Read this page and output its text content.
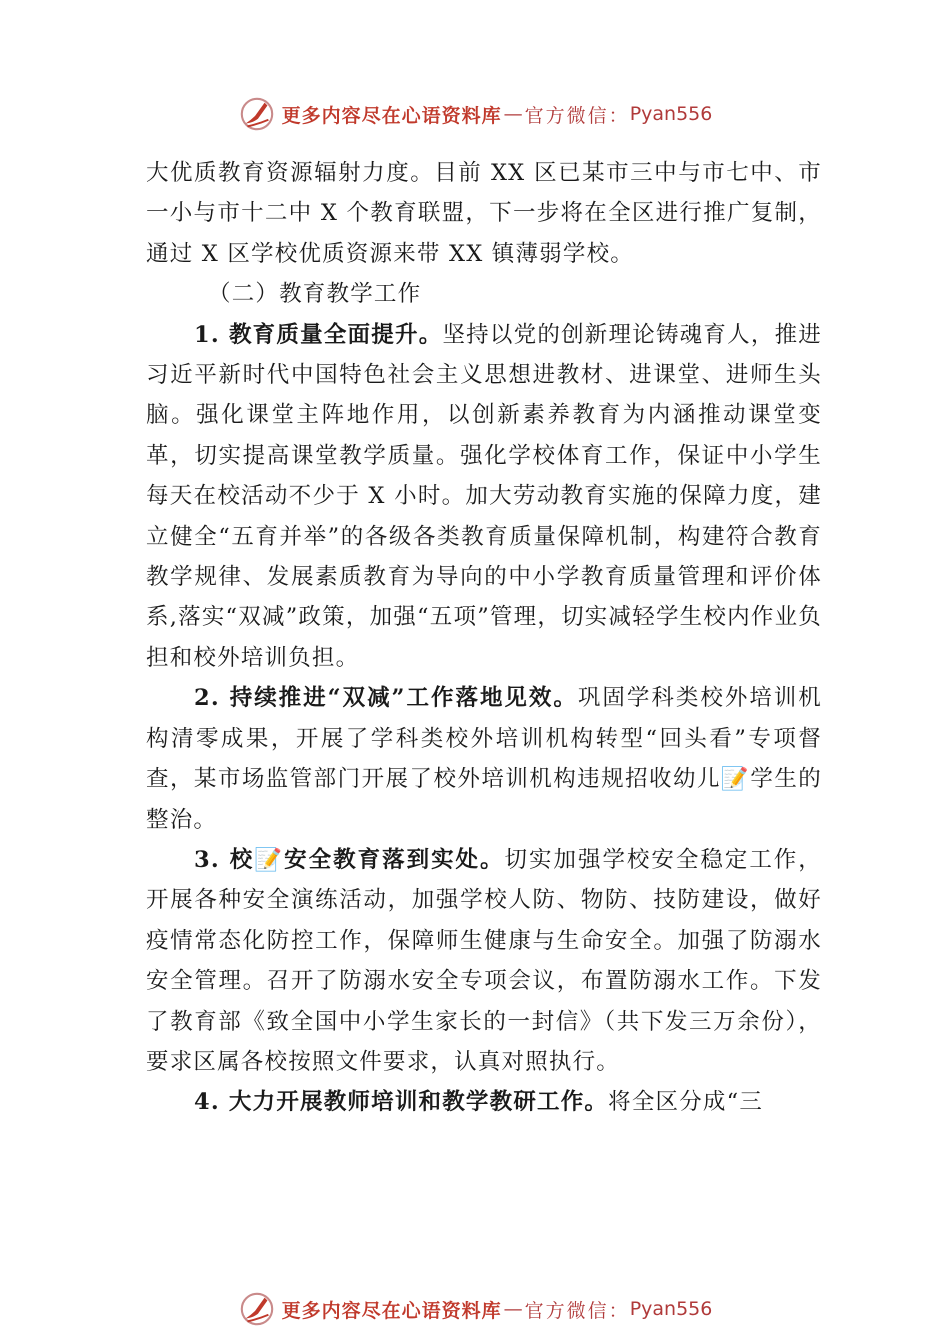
更多内容尽在心语资料库 — 官方微信： Pyan556

大优质教育资源辐射力度。目前 XX 区已某市三中与市七中、市一小与市十二中 X 个教育联盟，下一步将在全区进行推广复制，通过 X 区学校优质资源来带 XX 镇薄弱学校。

（二）教育教学工作

1. 教育质量全面提升。坚持以党的创新理论铸魂育人，推进习近平新时代中国特色社会主义思想进教材、进课堂、进师生头脑。强化课堂主阵地作用，以创新素养教育为内涵推动课堂变革，切实提高课堂教学质量。强化学校体育工作，保证中小学生每天在校活动不少于 X 小时。加大劳动教育实施的保障力度，建立健全“五育并举”的各级各类教育质量保障机制，构建符合教育教学规律、发展素质教育为导向的中小学教育质量管理和评价体系,落实“双减”政策，加强“五项”管理，切实减轻学生校内作业负担和校外培训负担。

2. 持续推进“双减”工作落地见效。巩固学科类校外培训机构清零成果，开展了学科类校外培训机构转型“回头看”专项督查，某市场监管部门开展了校外培训机构违规招收幼儿📝学生的整治。

3. 校📝安全教育落到实处。切实加强学校安全稳定工作，开展各种安全演练活动，加强学校人防、物防、技防建设，做好疫情常态化防控工作，保障师生健康与生命安全。加强了防溺水安全管理。召开了防溺水安全专项会议，布置防溺水工作。下发了教育部《致全国中小学生家长的一封信》（共下发三万余份），要求区属各校按照文件要求，认真对照执行。

4. 大力开展教师培训和教学教研工作。将全区分成“三

更多内容尽在心语资料库 — 官方微信： Pyan556
